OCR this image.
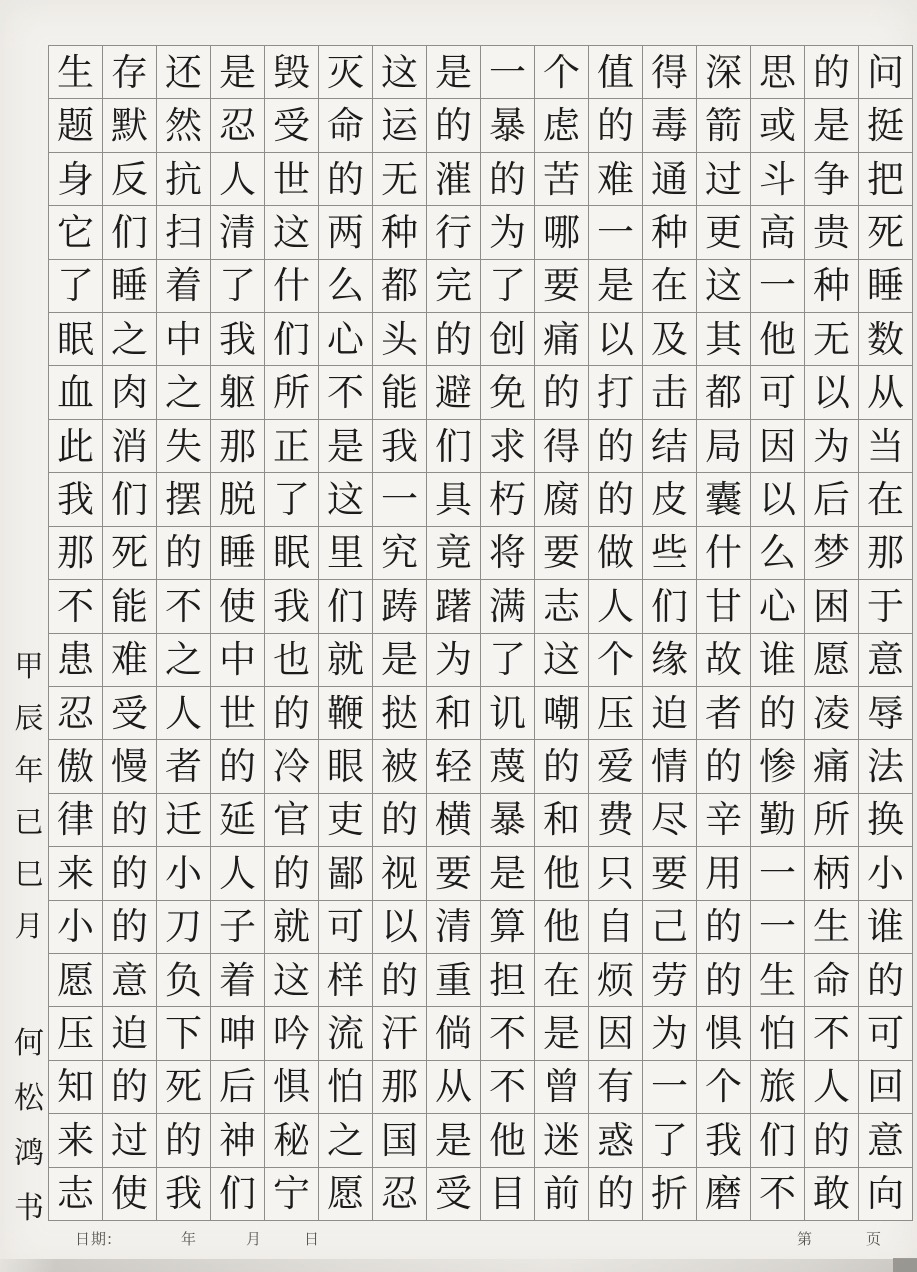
生 存 还 是 毁 灭 这 是 一 个 值 得 深 思 的 问
题 默 然 忍 受 命 运 的 暴 虑 的 毒 箭 或 是 挺
身 反 抗 人 世 的 无 漼 的 苦 难 通 过 斗 争 把
它 们 扫 清 这 两 种 行 为 哪 一 种 更 高 贵 死
了 睡 着 了 什 么 都 完 了 要 是 在 这 一 种 睡
眠 之 中 我 们 心 头 的 创 痛 以 及 其 他 无 数
血 肉 之 躯 所 不 能 避 免 的 打 击 都 可 以 从
此 消 失 那 正 是 我 们 求 得 的 结 局 因 为 当
我 们 摆 脱 了 这 一 具 朽 腐 的 皮 囊 以 后 在
那 死 的 睡 眠 里 究 竟 将 要 做 些 什 么 梦 那
不 能 不 使 我 们 踌 躇 满 志 人 们 甘 心 困 于
患 难 之 中 也 就 是 为 了 这 个 缘 故 谁 愿 意
忍 受 人 世 的 鞭 挞 和 讥 嘲 压 迫 者 的 凌 辱
傲 慢 者 的 冷 眼 被 轻 蔑 的 爱 情 的 惨 痛 法
律 的 迁 延 官 吏 的 横 暴 和 费 尽 辛 勤 所 换
来 的 小 人 的 鄙 视 要 是 他 只 要 用 一 柄 小
小 的 刀 子 就 可 以 清 算 他 自 己 的 一 生 谁
愿 意 负 着 这 样 的 重 担 在 烦 劳 的 生 命 的
压 迫 下 呻 吟 流 汗 倘 不 是 因 为 惧 怕 不 可
知 的 死 后 惧 怕 那 从 不 曾 有 一 个 旅 人 回
来 过 的 神 秘 之 国 是 他 迷 惑 了 我 们 的 意
志 使 我 们 宁 愿 忍 受 目 前 的 折 磨 不 敢 向
甲
辰
年
已
巳
月
何
松
鸿
书
日期:	年	月	日	第	页
